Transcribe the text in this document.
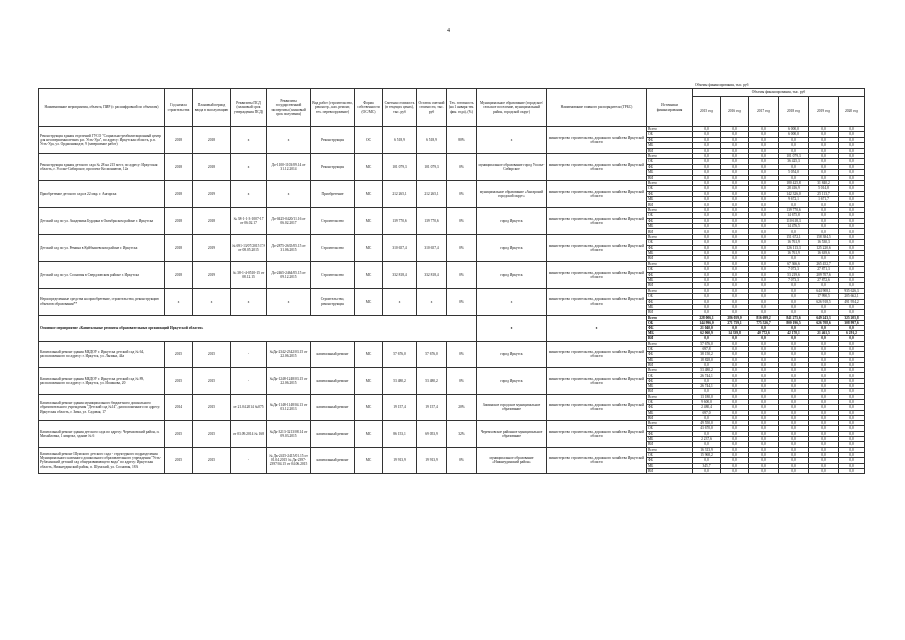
4
Объемы финансирования, тыс. руб
Наименование мероприятия, объекта, ПИР (с расшифровкой по объектам)	Год начала строительства	Плановый период ввода в эксплуатацию	Реквизиты ПСД (плановый срок утверждения ПСД)	Реквизиты государственной экспертизы (плановый срок получения)	Вид работ (строительство, реконстр., кап. ремонт, тех. перевооружение)	Форма собственности (ОС/МС)	Сметная стоимость (в текущих ценах), тыс. руб	Остаток сметной стоимости, тыс. руб	Тех. готовность (на 1 января тек. фин. года), (%)	Муниципальное образование (городское/сельское поселение, муниципальный район, городской округ)	Наименование главного распорядителя (ГРБС)	Источники финансирования	Объемы финансирования, тыс. руб					
													2015 год	2016 год	2017 год	2018 год	2019 год	2020 год
Реконструкция здания отделений ГУСО "Социально-реабилитационный центр для несовершеннолетних р.п. Усть-Уда", по адресу: Иркутская область, р.п. Усть-Уда, ул. Орджоникидзе, 9 (завершение работ)	2018	2018	х	х	Реконструкция	ОС	6 518,9	6 518,9	80%	х	министерство строительства, дорожного хозяйства Иркутской области	Всего	0,0	0,0	0,0	6 000,0	0,0	0,0
												ОБ	0,0	0,0	0,0	6 000,0	0,0	0,0
												ФБ	0,0	0,0	0,0	0,0	0,0	0,0
												МБ	0,0	0,0	0,0	0,0	0,0	0,0
												ВИ	0,0	0,0	0,0	0,0	0,0	0,0
Реконструкция здания детского сада № 28 на 215 мест, по адресу: Иркутская область, г. Усолье-Сибирское, проспект Космонавтов, 12а	2018	2018	х	До-1100-1103/09.14 от 31.12.2014	Реконструкция	МС	101 079,3	101 079,3	0%	муниципальное образование город Усолье-Сибирское	министерство строительства, дорожного хозяйства Иркутской области	Всего	0,0	0,0	0,0	101 079,3	0,0	0,0
												ОБ	0,0	0,0	0,0	36 425,3	0,0	0,0
												ФБ	0,0	0,0	0,0	0,0	0,0	0,0
												МБ	0,0	0,0	0,0	5 054,0	0,0	0,0
												ВИ	0,0	0,0	0,0	0,0	0,0	0,0
Приобретение детского сада в 22 мкр. г. Ангарска	2018	2019	х	х	Приобретение	МС	212 265,1	212 265,1	0%	муниципальное образование «Ангарский городской округ»	министерство строительства, дорожного хозяйства Иркутской области	Всего	0,0	0,0	0,0	180 425,8	31 840,2	0,0
												ОБ	0,0	0,0	0,0	28 416,9	5 014,8	0,0
												ФБ	0,0	0,0	0,0	142 326,0	25 113,7	0,0
												МБ	0,0	0,0	0,0	9 672,1	1 671,7	0,0
												ВИ	0,0	0,0	0,0	0,0	0,0	0,0
Детский сад по ул. Академика Бурдина в Октябрьском районе г. Иркутска	2018	2018	№ 38-1-1-3-1007-17 от 06.02.17	До-0425-0420/11.16 от 06.02.2017	Строительство	МС	139 770,6	139 770,6	0%	город Иркутск	министерство строительства, дорожного хозяйства Иркутской области	Всего	0,0	0,0	0,0	139 770,6	0,0	0,0
												ОБ	0,0	0,0	0,0	14 675,8	0,0	0,0
												ФБ	0,0	0,0	0,0	110 618,3	0,0	0,0
												МБ	0,0	0,0	0,0	14 476,5	0,0	0,0
												ВИ	0,0	0,0	0,0	0,0	0,0	0,0
Детский сад по ул. Ремина в Куйбышевском районе г. Иркутска	2018	2019	№ 691-13/07/2015 ГЭ от 08.05.2015	До-2875-2635/05.15 от 31.06.2015	Строительство	МС	310 657,4	310 657,4	0%	город Иркутск	министерство строительства, дорожного хозяйства Иркутской области	Всего	0,0	0,0	0,0	151 672,1	158 384,5	0,0
												ОБ	0,0	0,0	0,0	16 761,9	16 530,3	0,0
												ФБ	0,0	0,0	0,0	126 113,3	125 220,6	0,0
												МБ	0,0	0,0	0,0	16 761,9	16 639,6	0,0
												ВИ	0,0	0,0	0,0	0,0	0,0	0,0
Детский сад по ул. Сосновая в Свердловском районе г. Иркутска	2018	2019	№ 38-1-4-0510-15 от 08.12.15	До-2465-2464/05.15 от 09.12.2015	Строительство	МС	332 818,4	332 818,4	0%	город Иркутск	министерство строительства, дорожного хозяйства Иркутской области	Всего	0,0	0,0	0,0	67 366,6	265 452,7	0,0
												ОБ	0,0	0,0	0,0	7 073,3	27 871,3	0,0
												ФБ	0,0	0,0	0,0	53 219,6	209 707,6	0,0
												МБ	0,0	0,0	0,0	7 073,3	27 872,6	0,0
												ВИ	0,0	0,0	0,0	0,0	0,0	0,0
Нераспределенные средства на приобретение, строительство, реконструкцию объектов образования**	х	х	х	х	Строительство, реконструкция	МС	х	х	0%	х	министерство строительства, дорожного хозяйства Иркутской области	Всего	0,0	0,0	0,0	0,0	644 908,1	935 626,3
												ОБ	0,0	0,0	0,0	0,0	17 990,5	205 662,1
												ФБ	0,0	0,0	0,0	0,0	626 918,5	491 954,2
												МБ	0,0	0,0	0,0	0,0	0,0	0,0
												ВИ	0,0	0,0	0,0	0,0	0,0	0,0
Основное мероприятие «Капитальные ремонты образовательных организаций Иркутской области»										х	х	Всего	228 006,1	286 059,0	816 699,2	841 275,6	649 243,3	325 205,8
												ОБ	144 996,0	271 759,1	775 526,7	800 196,5	626 708,6	308 997,6
												ФБ	21 040,0	0,0	0,0	0,0	0,0	0,0
												МБ	62 060,9	14 339,8	40 772,6	42 170,1	21 461,5	6 291,2
												ВИ	0,0	0,0	0,0	0,0	0,0	0,0
Капитальный ремонт здания МБДОУ г. Иркутска детский сад № 64, расположенного по адресу: г. Иркутск, ул. Лызина, 44а	2015	2015	-	№Дк-2342-2342/03.15 от 22.06.2015	капитальный ремонт	МС	57 676,0	57 676,0	0%	город Иркутск	министерство строительства, дорожного хозяйства Иркутской области	Всего	57 676,0	0,0	0,0	0,0	0,0	0,0
												ОБ	697,8	0,0	0,0	0,0	0,0	0,0
												ФБ	38 150,2	0,0	0,0	0,0	0,0	0,0
												МБ	18 828,0	0,0	0,0	0,0	0,0	0,0
												ВИ	0,0	0,0	0,0	0,0	0,0	0,0
Капитальный ремонт здания МБДОУ г. Иркутска детский сад № 89, расположенного по адресу: г. Иркутск, ул. Исмакова, 20	2015	2015	-	№Дк-1248-1248/03.15 от 22.06.2015	капитальный ремонт	МС	53 480,2	53 480,2	0%	город Иркутск	министерство строительства, дорожного хозяйства Иркутской области	Всего	53 480,2	0,0	0,0	0,0	0,0	0,0
												ОБ	26 744,1	0,0	0,0	0,0	0,0	0,0
												ФБ	0,0	0,0	0,0	0,0	0,0	0,0
												МБ	26 744,1	0,0	0,0	0,0	0,0	0,0
												ВИ	0,0	0,0	0,0	0,0	0,0	0,0
Капитальный ремонт здания муниципального бюджетного дошкольного образовательного учреждения "Детский сад №14", расположенного по адресу: Иркутская область, г. Зима, ул. Садовая, 17	2014	2015	от 21.04.2014 №075	№Дк-1148-1148/04.13 от 03.12.2013	капитальный ремонт	МС	19 157,4	19 157,4	20%	Зиминское городское муниципальное образование	министерство строительства, дорожного хозяйства Иркутской области	Всего	13 180,0	0,0	0,0	0,0	0,0	0,0
												ОБ	9 600,0	0,0	0,0	0,0	0,0	0,0
												ФБ	2 480,4	0,0	0,0	0,0	0,0	0,0
												МБ	697,0	0,0	0,0	0,0	0,0	0,0
												ВИ	0,0	0,0	0,0	0,0	0,0	0,0
Капитальный ремонт здания детского сада по адресу: Черемховский район, п. Михайловка, 1 квартал, здание № 6	2015	2015	от 03.09.2014 № 168	№Дк-3213-3213/08.14 от 09.03.2015	капитальный ремонт	МС	86 153,1	69 053,9	32%	Черемховское районное муниципальное образование	министерство строительства, дорожного хозяйства Иркутской области	Всего	49 550,0	0,0	0,0	0,0	0,0	0,0
												ОБ	43 670,0	0,0	0,0	0,0	0,0	0,0
												ФБ	0,0	0,0	0,0	0,0	0,0	0,0
												МБ	2 237,6	0,0	0,0	0,0	0,0	0,0
												ВИ	0,0	0,0	0,0	0,0	0,0	0,0
Капитальный ремонт Шумского детского сада - структурного подразделения Муниципального казенного дошкольного образовательного учреждения "Усть-Рубахинский детский сад общеразвивающего вида" по адресу: Иркутская область, Нижнеудинский район, п. Шумский, ул. Сосновая, 18А	2015	2015	-	№ Дк-2415-2415/01.15 от 01.04.2015 № Дк-2397-2397/04.15 от 04.06.2015	капитальный ремонт	МС	19 913,9	19 913,9	0%	муниципальное образование «Нижнеудинский район»	министерство строительства, дорожного хозяйства Иркутской области	Всего	16 313,9	0,0	0,0	0,0	0,0	0,0
												ОБ	15 968,2	0,0	0,0	0,0	0,0	0,0
												ФБ	0,0	0,0	0,0	0,0	0,0	0,0
												МБ	345,7	0,0	0,0	0,0	0,0	0,0
												ВИ	0,0	0,0	0,0	0,0	0,0	0,0
